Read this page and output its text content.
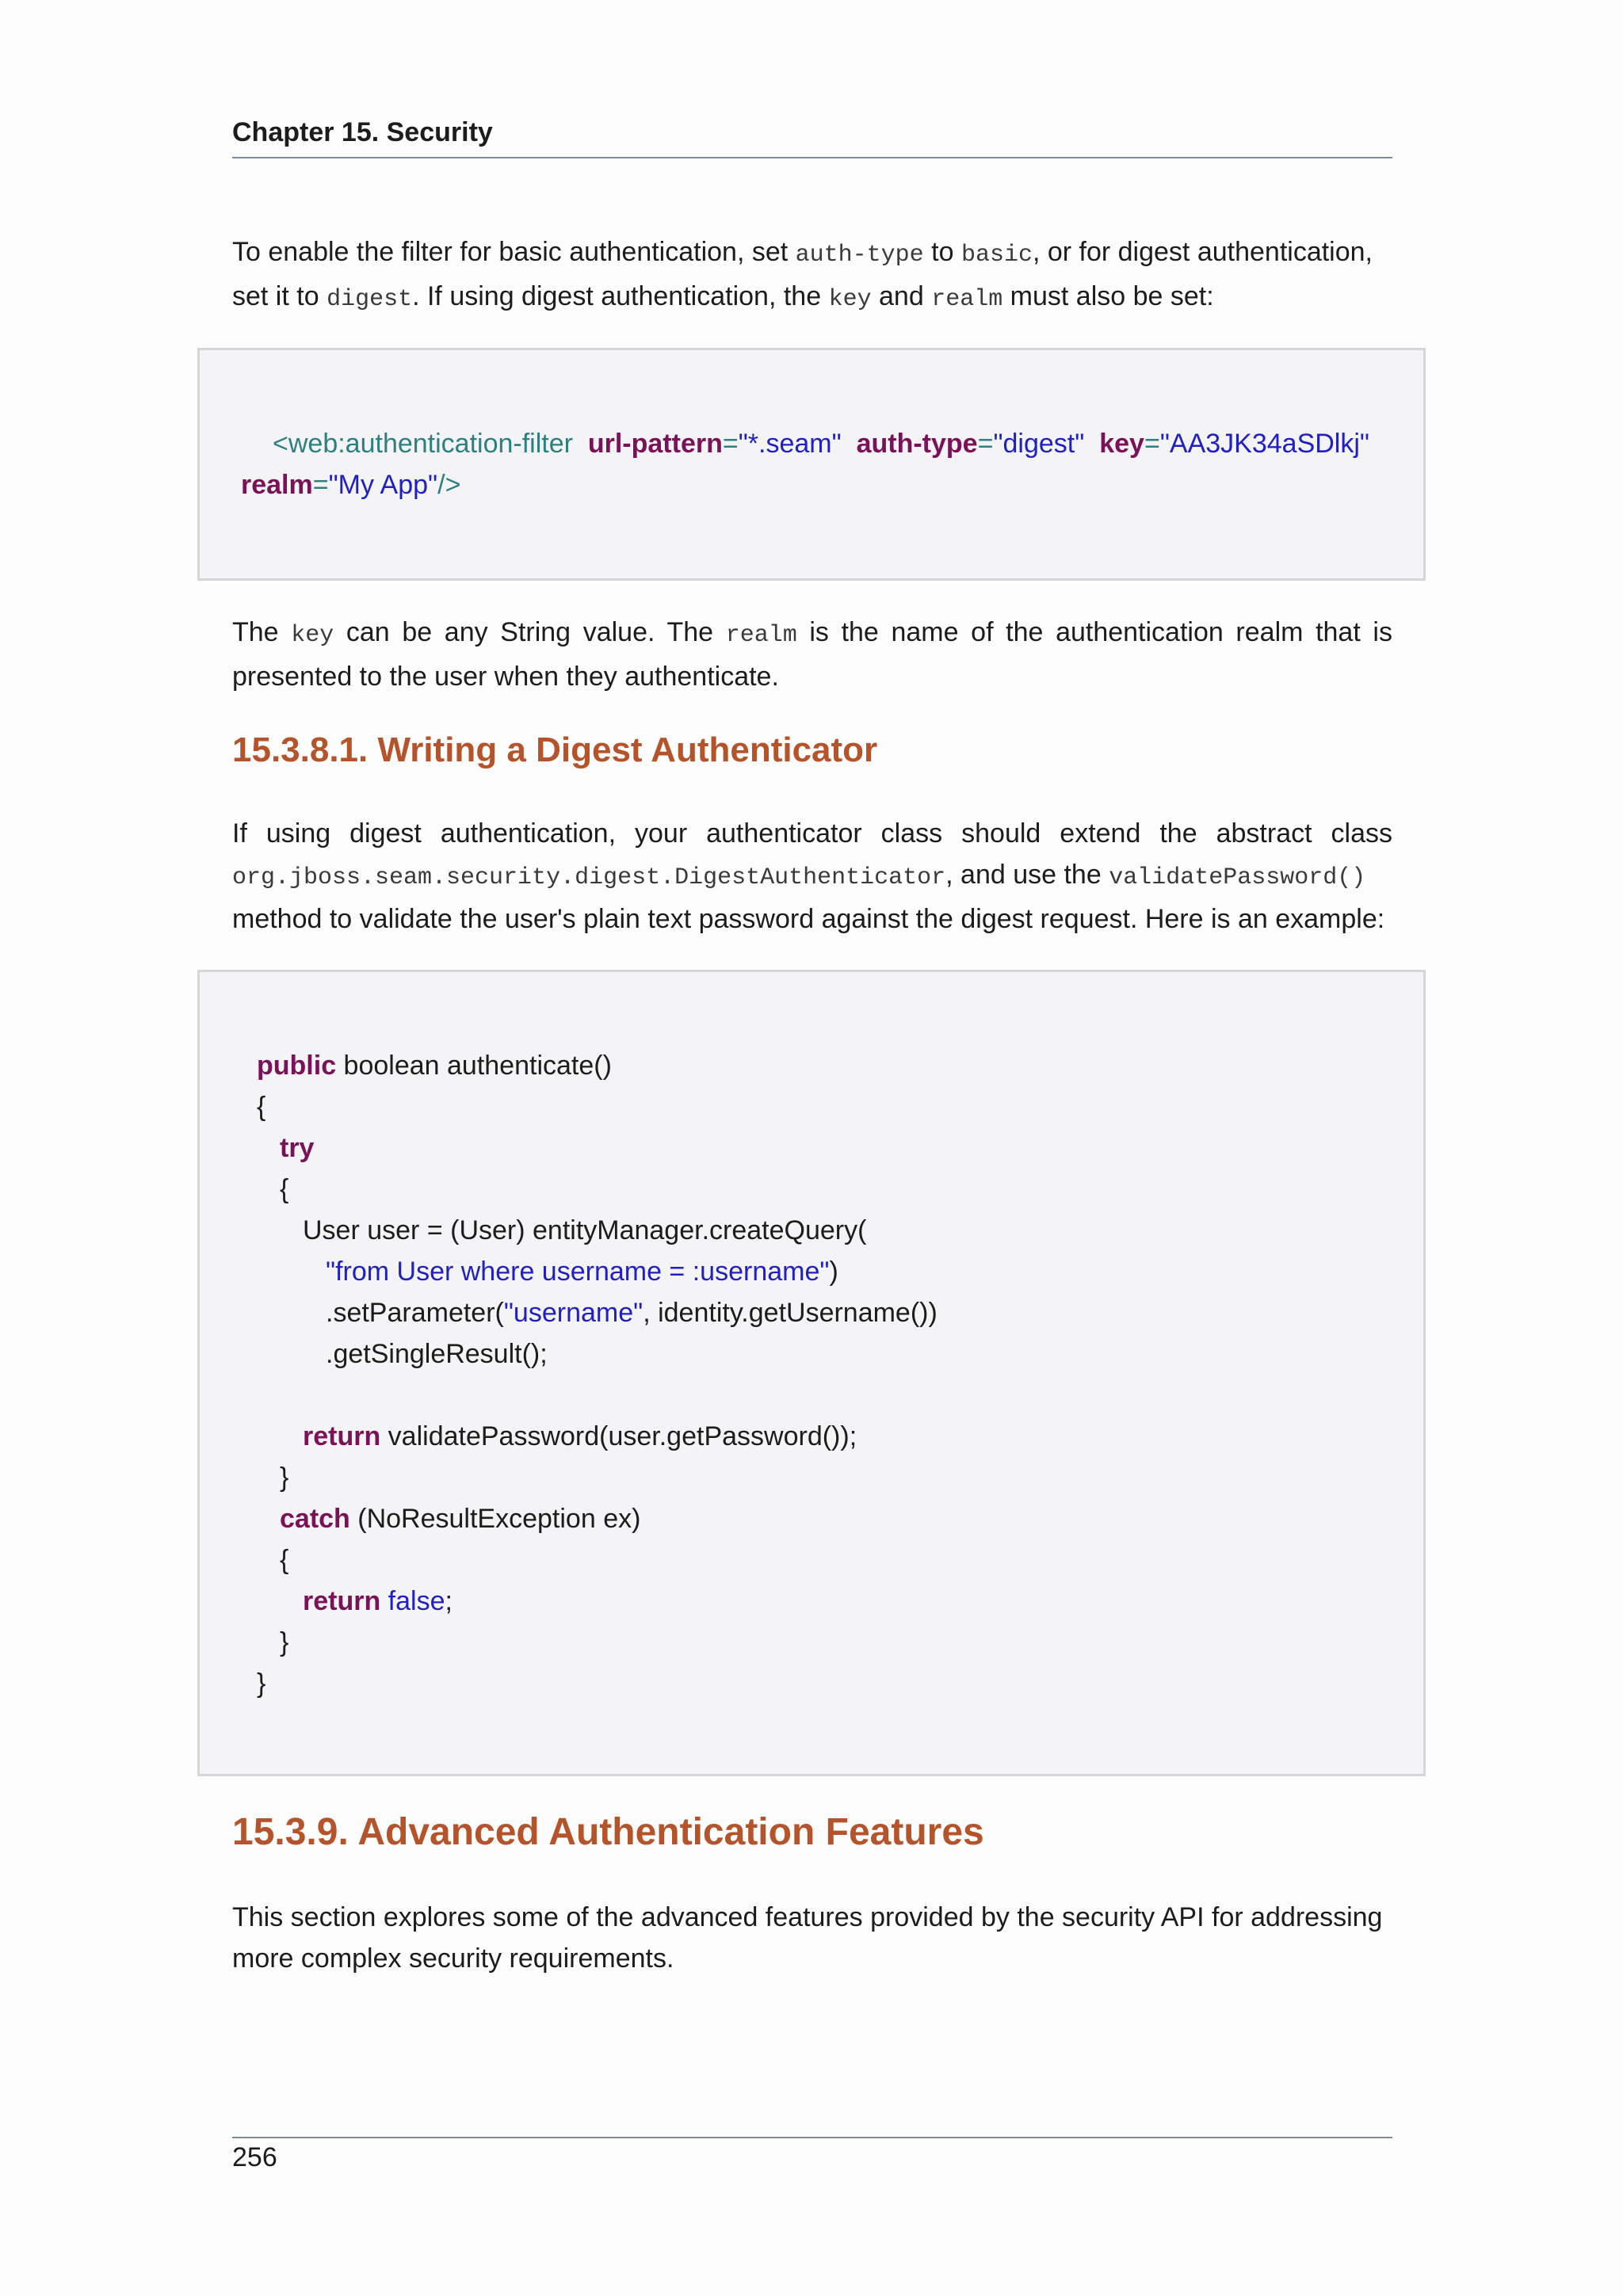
Chapter 15. Security
To enable the filter for basic authentication, set auth-type to basic, or for digest authentication,
set it to digest. If using digest authentication, the key and realm must also be set:
<web:authentication-filter url-pattern="*.seam" auth-type="digest" key="AA3JK34aSDlkj"
realm="My App"/>
The key can be any String value. The realm is the name of the authentication realm that is
presented to the user when they authenticate.
15.3.8.1. Writing a Digest Authenticator
If using digest authentication, your authenticator class should extend the abstract class
org.jboss.seam.security.digest.DigestAuthenticator, and use the validatePassword()
method to validate the user's plain text password against the digest request. Here is an example:
public boolean authenticate()
{
try
{
User user = (User) entityManager.createQuery(
"from User where username = :username")
.setParameter("username", identity.getUsername())
.getSingleResult();
return validatePassword(user.getPassword());
}
catch (NoResultException ex)
{
return false;
}
}
15.3.9. Advanced Authentication Features
This section explores some of the advanced features provided by the security API for addressing
more complex security requirements.
256
